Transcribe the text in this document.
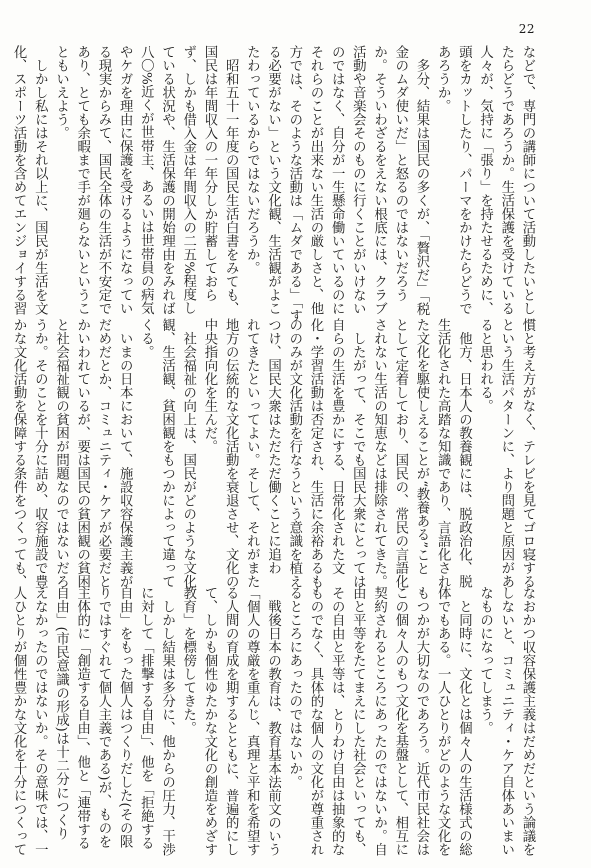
22
などで、専門の講師について活動したいとし
たらどうであろうか。生活保護を受けている
人々が、気持に「張り」を持たせるために、
頭をカットしたり、パーマをかけたらどうで
あろうか。
　多分、結果は国民の多くが、「贅沢だ」「税
金のムダ使いだ」と怒るのではないだろう
か。そういわざるをえない根底には、クラブ
活動や音楽会そのものに行くことがいけない
のではなく、自分が一生懸命働いているのに
それらのことが出来ない生活の厳しさと、他
方では、そのような活動は「ムダである」「す
る必要がない」という文化観、生活観がよこ
たわっているからではないだろうか。
　昭和五十一年度の国民生活白書をみても、
国民は年間収入の一年分しか貯蓄しておら
ず、しかも借入金は年間収入の二五%程度し
ている状況や、生活保護の開始理由をみれば
八〇%近くが世帯主、あるいは世帯員の病気
やケガを理由に保護を受けるようになってい
る現実からみて、国民全体の生活が不安定で
あり、とても余暇まで手が廻らないというこ
ともいえよう。
　しかし私にはそれ以上に、国民が生活を文
化、スポーツ活動を含めてエンジョイする習
慣と考え方がなく、テレビを見てゴロ寝する
という生活パターンに、より問題と原因があ
ると思われる。
　他方、日本人の教養観には、脱政治化、脱
生活化された高踏な知識であり、言語化され
た文化を駆使しえることが“教養ある”こと
として定着しており、国民の、常民の言語化
されない生活の知恵などは排除されてきた。
　したがって、そこでも国民大衆にとっては
自らの生活を豊かにする、日常化された文
化・学習活動は否定され、生活に余裕あるも
ののみが文化活動を行なうという意識を植え
つけ、国民大衆はただただ働くことに追わ
れてきたといってよい。そして、それがまた
地方の伝統的な文化活動を衰退させ、文化の
中央指向化を生んだ。
　社会福祉の向上は、国民がどのような文化
観、生活観、貧困観をもつかによって違って
くる。
　いまの日本において、施設収容保護主義が
だめだとか、コミュニティ・ケアが必要だと
かいわれているが、要は国民の貧困観の貧困
と社会福祉観の貧困が問題なのではないだろ
うか。そのことを十分に詰め、収容施設で豊
かな文化活動を保障する条件をつくっても、
なおかつ収容保護主義はだめだという論議を
しないと、コミュニティ・ケア自体あいまい
なものになってしまう。
　と同時に、文化とは個々人の生活様式の総
体でもある。一人ひとりがどのような文化を
もつかが大切なのであろう。近代市民社会は
この個々人のもつ文化を基盤として、相互に
契約されるところにあったのではないか。自
由と平等をたてまえにした社会といっても、
その自由と平等は、とりわけ自由は抽象的な
ものでなく、具体的な個人の文化が尊重され
るところにあったのではないか。
　戦後日本の教育は、教育基本法前文のいう
「個人の尊厳を重んじ、真理と平和を希望す
る人間の育成を期するとともに、普遍的にし
て、しかも個性ゆたかな文化の創造をめざす
教育」を標傍してきた。
　しかし結果は多分に、他からの圧力、干渉
に対して「排撃する自由」、他を「拒絶する
自由」をもった個人はつくりだした(その限
りではすぐれて個人主義である)が、ものを
主体的に「創造する自由」、他と「連帯する
自由」(市民意識の形成)は十二分につくり
えなかったのではないか。その意味では、一
人ひとりが個性豊かな文化を十分につくって
